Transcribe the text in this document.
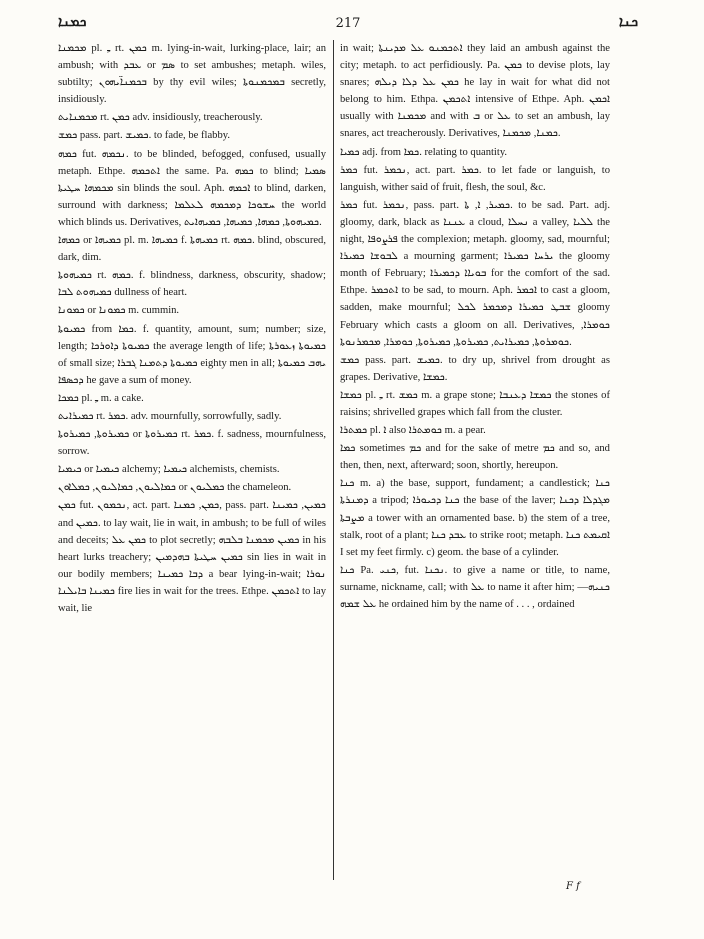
ܟܡܢܐ	217	ܟܢܐ

ܡܟܡܢܐ pl. ـِ rt. ܟܡܢ m. lying-in-wait, lurking-place, lair; an ambush; with ܥܒܕ or ܣܡ to set ambushes; metaph. wiles, subtilty; ܒܟܡܢܐ̈ܝܗܘܢ by thy evil wiles; ܒܡܟܡܢܘܬܐ secretly, insidiously.

ܡܟܡܢܐܝܬ rt. ܟܡܢ adv. insidiously, treacherously.

ܟܡܫ pass. part. ܟܡܝܫ. to fade, be flabby.

ܟܡܗ fut. ܢܟܡܗ. to be blinded, befogged, confused, usually metaph. Ethpe. ܐܬܟܡܗ the same. Pa. ܟܡܗ to blind; ܣܡܝܐ ܡܟܡܗܐ ܚܛܝܬܐ sin blinds the soul. Aph. ܐܟܡܗ to blind, darken, surround with darkness; ܚܫܘܟܐ ܕܡܟܡܗ ܠܥܠܡܐ the world which blinds us. Derivatives, ܟܡܝܗܘܬܐ, ܟܡܗܐ, ܟܡܝܗܐ, ܟܡܝܗܐܝܬ.

ܟܡܗܐ or ܟܡܝܗܐ pl. m. ܟܡܝܗܐ f. ܟܡܝܗܬܐ rt. ܟܡܗ. blind, obscured, dark, dim.

ܟܡܝܗܘܬܐ rt. ܟܡܗ. f. blindness, darkness, obscurity, shadow; ܟܡܝܗܘܬ ܠܒܐ dullness of heart.

ܟܡܘܢܐ or ܟܡܘܢܐ m. cummin.

ܟܡܝܘܬܐ from ܟܡܐ. f. quantity, amount, sum; number; size, length; ܟܡܝܘܬܐ ܕܐܘܪܟܐ the average length of life; ܟܡܝܘܬܐ ܙܥܘܪܬܐ of small size; ܟܡܝܘܬܐ ܕܬܡܢܐ ܓܒܪܐ eighty men in all; ܝܗܒ ܟܡܝܘܬܐ ܕܟܣܦܐ he gave a sum of money.

ܟܡܟܐ pl. ـِ m. a cake.

ܟܡܝܪܐܝܬ rt. ܟܡܪ. adv. mournfully, sorrowfully, sadly.

ܟܡܝܪܘܬܐ, ܟܡܝܪܘܬܐ or ܟܡܝܪܘܬܐ rt. ܟܡܪ. f. sadness, mournfulness, sorrow.

ܟܝܡܝܐ or ܟܝܡܝܐ alchemy; ܟܝܡܝܐ alchemists, chemists.

ܟܡܐܠܝܘܢ, ܟܡܐܠܝܘܢ, ܟܡܠܐܘܢ or ܟܡܠܝܘܢ the chameleon.

ܟܡܢ fut. ܢܟܡܘܢ, act. part. ܟܡܢ, ܟܡܢܐ, pass. part. ܟܡܝܢ, ܟܡܝܢܐ and ܟܡܝܢ. to lay wait, lie in wait, in ambush; to be full of wiles and deceits; ܟܡܢ ܥܠ to plot secretly; ܟܡܝܢ ܡܟܡܢܐ ܒܠܒܗ in his heart lurks treachery; ܟܡܝܢ ܚܛܝܬܐ ܒܗܕܡܝܢ sin lies in wait in our bodily members; ܕܒܐ ܟܡܝܢܐ a bear lying-in-wait; ܢܘܪܐ ܟܡܝܢܐ ܒܐܝܠܢܐ fire lies in wait for the trees. Ethpe. ܐܬܟܡܢ to lay wait, lie

in wait; ܐܬܟܡܢܘ ܥܠ ܡܕܝܢܬܐ they laid an ambush against the city; metaph. to act perfidiously. Pa. ܟܡܢ to devise plots, lay snares; ܟܡܢ ܥܠ ܕܠܐ ܕܝܠܗ he lay in wait for what did not belong to him. Ethpa. ܐܬܟܡܢ intensive of Ethpe. Aph. ܐܟܡܢ usually with ܡܟܡܢܐ and with ܒ or ܥܠ to set an ambush, lay snares, act treacherously. Derivatives, ܟܡܢܐ, ܡܟܡܢܐ.

ܟܡܝܐ adj. from ܟܡܐ. relating to quantity.

ܟܡܪ fut. ܢܟܡܪ, act. part. ܟܡܪ. to let fade or languish, to languish, wither said of fruit, flesh, the soul, &c.

ܟܡܪ fut. ܢܟܡܪ, pass. part. ܟܡܝܪ, ܐ, ܬܐ. to be sad. Part. adj. gloomy, dark, black as ܥܢܢܐ a cloud, ܢܚܠܐ a valley, ܠܠܝܐ the night, ܦܪܨܘܦܐ the complexion; metaph. gloomy, sad, mournful; ܠܒܘܫܐ ܟܡܝܪܐ a mourning garment; ܝܪܚܐ ܟܡܝܪܐ the gloomy month of February; ܒܘܝܐܐ ܕܟܡܝܪܐ for the comfort of the sad. Ethpe. ܐܬܟܡܪ to be sad, to mourn. Aph. ܐܟܡܪ to cast a gloom, sadden, make mournful; ܫܒܛ ܟܡܝܪܐ ܕܡܟܡܪ ܠܟܠ gloomy February which casts a gloom on all. Derivatives, ܟܘܡܪܐ, ܟܘܡܪܘܬܐ, ܟܡܝܪܐܝܬ, ܟܡܝܪܘܬܐ, ܟܡܝܪܘܬܐ, ܟܘܡܪܐ, ܡܟܡܪܢܘܬܐ.

ܟܡܫ pass. part. ܟܡܝܫ. to dry up, shrivel from drought as grapes. Derivative, ܟܡܫܐ.

ܟܡܫܐ pl. ـِ rt. ܟܡܫ m. a grape stone; ܟܡܫܐ ܕܥܢܒܐ the stones of raisins; shrivelled grapes which fall from the cluster.

ܟܡܬܪܐ pl. ܐ also ܟܘܡܬܪܐ m. a pear.

ܟܡܐ sometimes ܟܡ and for the sake of metre ܟܡ and so, and then, then, next, afterward; soon, shortly, hereupon.

ܟܢܐ m. a) the base, support, fundament; a candlestick; ܟܢܐ ܕܡܢܪܬܐ a tripod; ܟܢܐ ܕܟܝܘܪܐ the base of the laver; ܡܓܕܠܐ ܕܟܢܐ ܡܨܒܬܐ a tower with an ornamented base. b) the stem of a tree, stalk, root of a plant; ܥܒܕ ܟܢܐ to strike root; metaph. ܐܩܝܡܬ ܟܢܐ I set my feet firmly. c) geom. the base of a cylinder.

ܟܢܐ Pa. ܟܢܝ, fut. ܢܟܢܐ. to give a name or title, to name, surname, nickname, call; with ܥܠ to name it after him; ܟܢܝܗ—ܥܠ ܫܡܗ he ordained him by the name of . . . , ordained

F f
